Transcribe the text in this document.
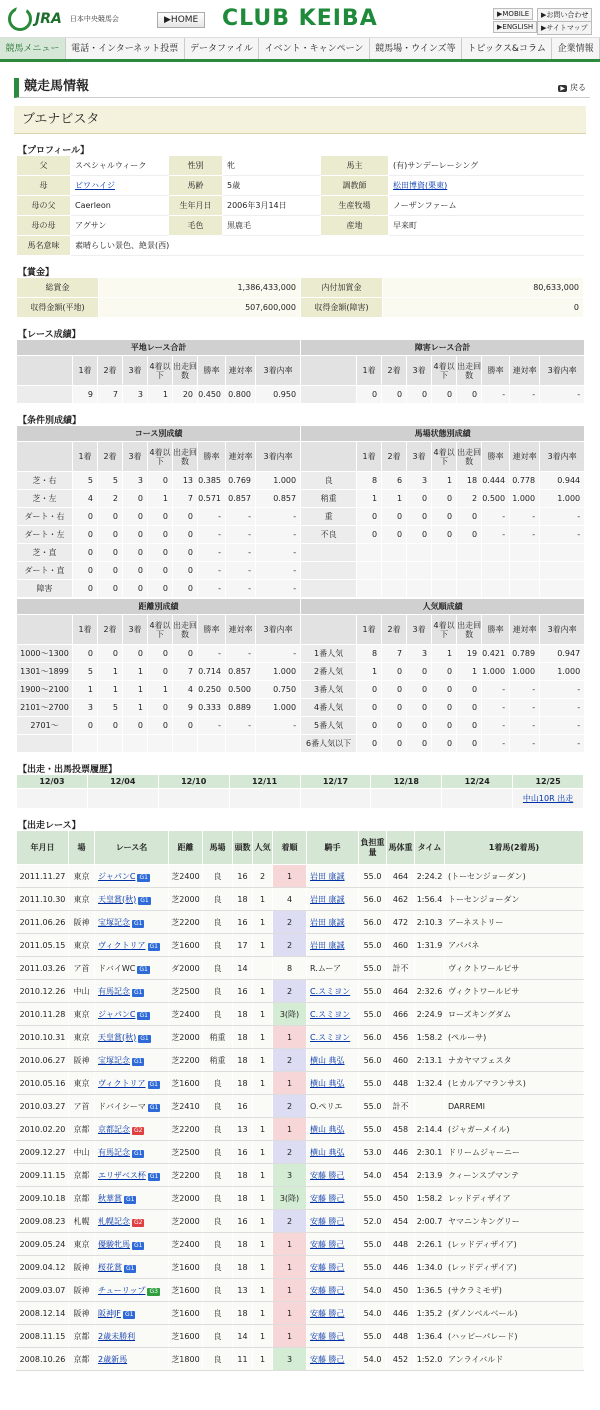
JRA 日本中央競馬会	▶HOME	CLUB KEIBA	▶MOBILE	▶お問い合わせ
▶ENGLISH	▶サイトマップ
競馬メニュー	電話・インターネット投票	データファイル	イベント・キャンペーン	競馬場・ウインズ等	トピックス&コラム	企業情報
競走馬情報	▶ 戻る
ブエナビスタ
【 プロフィール 】
父	スペシャルウィーク	性別	牝	馬主	(有)サンデーレーシング
母	ビワハイジ	馬齢	5歳	調教師	松田博資(栗東)
母の父	Caerleon	生年月日	2006年3月14日	生産牧場	ノーザンファーム
母の母	アグサン	毛色	黒鹿毛	産地	早来町
馬名意味	素晴らしい景色、絶景(西)				
【 賞金 】
総賞金	1,386,433,000	内付加賞金	80,633,000
収得金額(平地)	507,600,000	収得金額(障害)	0
【 レース成績 】
平地レース合計									障害レース合計								
	1着	2着	3着	4着以下	出走回数	勝率	連対率	3着内率		1着	2着	3着	4着以下	出走回数	勝率	連対率	3着内率
	9	7	3	1	20	0.450	0.800	0.950		0	0	0	0	0	-	-	-
【 条件別成績 】
コース別成績									馬場状態別成績								
	1着	2着	3着	4着以下	出走回数	勝率	連対率	3着内率		1着	2着	3着	4着以下	出走回数	勝率	連対率	3着内率
芝・右	5	5	3	0	13	0.385	0.769	1.000	良	8	6	3	1	18	0.444	0.778	0.944
芝・左	4	2	0	1	7	0.571	0.857	0.857	稍重	1	1	0	0	2	0.500	1.000	1.000
ダート・右	0	0	0	0	0	-	-	-	重	0	0	0	0	0	-	-	-
ダート・左	0	0	0	0	0	-	-	-	不良	0	0	0	0	0	-	-	-
芝・直	0	0	0	0	0	-	-	-									
ダート・直	0	0	0	0	0	-	-	-									
障害	0	0	0	0	0	-	-	-									
距離別成績									人気順成績								
	1着	2着	3着	4着以下	出走回数	勝率	連対率	3着内率		1着	2着	3着	4着以下	出走回数	勝率	連対率	3着内率
1000〜1300	0	0	0	0	0	-	-	-	1番人気	8	7	3	1	19	0.421	0.789	0.947
1301〜1899	5	1	1	0	7	0.714	0.857	1.000	2番人気	1	0	0	0	1	1.000	1.000	1.000
1900〜2100	1	1	1	1	4	0.250	0.500	0.750	3番人気	0	0	0	0	0	-	-	-
2101〜2700	3	5	1	0	9	0.333	0.889	1.000	4番人気	0	0	0	0	0	-	-	-
2701〜	0	0	0	0	0	-	-	-	5番人気	0	0	0	0	0	-	-	-
									6番人気以下	0	0	0	0	0	-	-	-
【 出走・出馬投票履歴 】
12/03	12/04	12/10	12/11	12/17	12/18	12/24	12/25
							中山10R 出走
【 出走レース 】
年月日	場	レース名	距離	馬場	頭数	人気	着順	騎手	負担重量	馬体重	タイム	1着馬(2着馬)
2011.11.27	東京	ジャパンC G1	芝2400	良	16	2	1	岩田 康誠	55.0	464	2:24.2	(トーセンジョーダン)
2011.10.30	東京	天皇賞(秋) G1	芝2000	良	18	1	4	岩田 康誠	56.0	462	1:56.4	トーセンジョーダン
2011.06.26	阪神	宝塚記念 G1	芝2200	良	16	1	2	岩田 康誠	56.0	472	2:10.3	アーネストリー
2011.05.15	東京	ヴィクトリア G1	芝1600	良	17	1	2	岩田 康誠	55.0	460	1:31.9	アパパネ
2011.03.26	ア首	ドバイWC G1	ダ2000	良	14		8	R.ムーア	55.0	計不		ヴィクトワールピサ
2010.12.26	中山	有馬記念 G1	芝2500	良	16	1	2	C.スミヨン	55.0	464	2:32.6	ヴィクトワールピサ
2010.11.28	東京	ジャパンC G1	芝2400	良	18	1	3(降)	C.スミヨン	55.0	466	2:24.9	ローズキングダム
2010.10.31	東京	天皇賞(秋) G1	芝2000	稍重	18	1	1	C.スミヨン	56.0	456	1:58.2	(ペルーサ)
2010.06.27	阪神	宝塚記念 G1	芝2200	稍重	18	1	2	横山 典弘	56.0	460	2:13.1	ナカヤマフェスタ
2010.05.16	東京	ヴィクトリア G1	芝1600	良	18	1	1	横山 典弘	55.0	448	1:32.4	(ヒカルアマランサス)
2010.03.27	ア首	ドバイシーマ G1	芝2410	良	16		2	O.ペリエ	55.0	計不		DARREMI
2010.02.20	京都	京都記念 G2	芝2200	良	13	1	1	横山 典弘	55.0	458	2:14.4	(ジャガーメイル)
2009.12.27	中山	有馬記念 G1	芝2500	良	16	1	2	横山 典弘	53.0	446	2:30.1	ドリームジャーニー
2009.11.15	京都	エリザベス杯 G1	芝2200	良	18	1	3	安藤 勝己	54.0	454	2:13.9	クィーンスプマンテ
2009.10.18	京都	秋華賞 G1	芝2000	良	18	1	3(降)	安藤 勝己	55.0	450	1:58.2	レッドディザイア
2009.08.23	札幌	札幌記念 G2	芝2000	良	16	1	2	安藤 勝己	52.0	454	2:00.7	ヤマニンキングリー
2009.05.24	東京	優駿牝馬 G1	芝2400	良	18	1	1	安藤 勝己	55.0	448	2:26.1	(レッドディザイア)
2009.04.12	阪神	桜花賞 G1	芝1600	良	18	1	1	安藤 勝己	55.0	446	1:34.0	(レッドディザイア)
2009.03.07	阪神	チューリップ G3	芝1600	良	13	1	1	安藤 勝己	54.0	450	1:36.5	(サクラミモザ)
2008.12.14	阪神	阪神JF G1	芝1600	良	18	1	1	安藤 勝己	54.0	446	1:35.2	(ダノンベルベール)
2008.11.15	京都	2歳未勝利	芝1600	良	14	1	1	安藤 勝己	55.0	448	1:36.4	(ハッピーパレード)
2008.10.26	京都	2歳新馬	芝1800	良	11	1	3	安藤 勝己	54.0	452	1:52.0	アンライバルド
